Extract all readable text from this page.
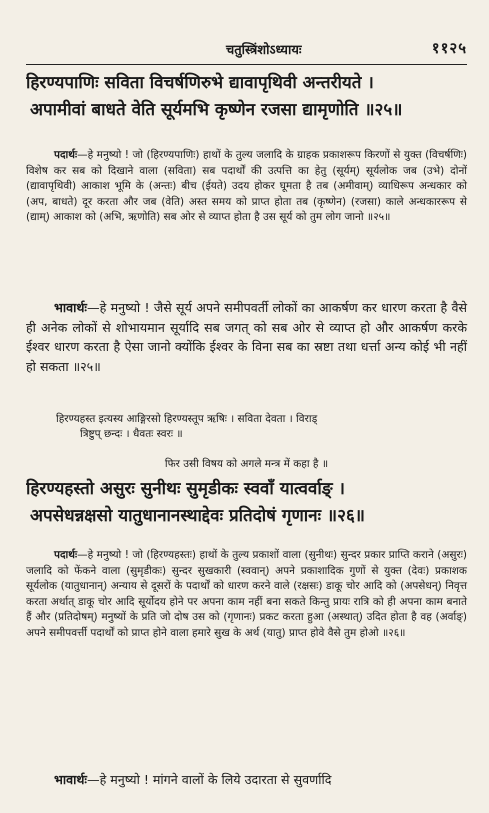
चतुस्त्रिंशोऽध्यायः	११२५
हिरण्यपाणिः सविता विचर्षणिरुभे द्यावापृथिवी अन्तरीयते ।
अपामीवां बाधते वेति सूर्यमभि कृष्णेन रजसा द्यामृणोति ॥२५॥
पदार्थः—हे मनुष्यो ! जो (हिरण्यपाणिः) हाथों के तुल्य जलादि के ग्राहक प्रकाशरूप किरणों से युक्त (विचर्षणिः) विशेष कर सब को दिखाने वाला (सविता) सब पदार्थों की उत्पत्ति का हेतु (सूर्यम्) सूर्यलोक जब (उभे) दोनों (द्यावापृथिवी) आकाश भूमि के (अन्तः) बीच (ईयते) उदय होकर घूमता है तब (अमीवाम्) व्याधिरूप अन्धकार को (अप, बाधते) दूर करता और जब (वेति) अस्त समय को प्राप्त होता तब (कृष्णेन) (रजसा) काले अन्धकाररूप से (द्याम्) आकाश को (अभि, ऋणोति) सब ओर से व्याप्त होता है उस सूर्य को तुम लोग जानो ॥२५॥
भावार्थः—हे मनुष्यो ! जैसे सूर्य अपने समीपवर्ती लोकों का आकर्षण कर धारण करता है वैसे ही अनेक लोकों से शोभायमान सूर्यादि सब जगत् को सब ओर से व्याप्त हो और आकर्षण करके ईश्वर धारण करता है ऐसा जानो क्योंकि ईश्वर के विना सब का स्रष्टा तथा धर्त्ता अन्य कोई भी नहीं हो सकता ॥२५॥
हिरण्यहस्त इत्यस्य आङ्गिरसो हिरण्यस्तूप ऋषिः । सविता देवता । विराड्
त्रिष्टुप् छन्दः । धैवतः स्वरः ॥
फिर उसी विषय को अगले मन्त्र में कहा है ॥
हिरण्यहस्तो असुरः सुनीथः सुमृडीकः स्ववाँ यात्वर्वाङ् ।
अपसेधन्नक्षसो यातुधानानस्थाद्देवः प्रतिदोषं गृणानः ॥२६॥
पदार्थः—हे मनुष्यो ! जो (हिरण्यहस्तः) हाथों के तुल्य प्रकाशों वाला (सुनीथः) सुन्दर प्रकार प्राप्ति कराने (असुरः) जलादि को फेंकने वाला (सुमृडीकः) सुन्दर सुखकारी (स्ववान्) अपने प्रकाशादिक गुणों से युक्त (देवः) प्रकाशक सूर्यलोक (यातुधानान्) अन्याय से दूसरों के पदार्थों को धारण करने वाले (रक्षसः) डाकू चोर आदि को (अपसेधन्) निवृत्त करता अर्थात् डाकू चोर आदि सूर्योदय होने पर अपना काम नहीं बना सकते किन्तु प्रायः रात्रि को ही अपना काम बनाते हैं और (प्रतिदोषम्) मनुष्यों के प्रति जो दोष उस को (गृणानः) प्रकट करता हुआ (अस्थात्) उदित होता है वह (अर्वाङ्) अपने समीपवर्त्ती पदार्थों को प्राप्त होने वाला हमारे सुख के अर्थ (यातु) प्राप्त होवे वैसे तुम होओ ॥२६॥
भावार्थः—हे मनुष्यो ! मांगने वालों के लिये उदारता से सुवर्णादि
